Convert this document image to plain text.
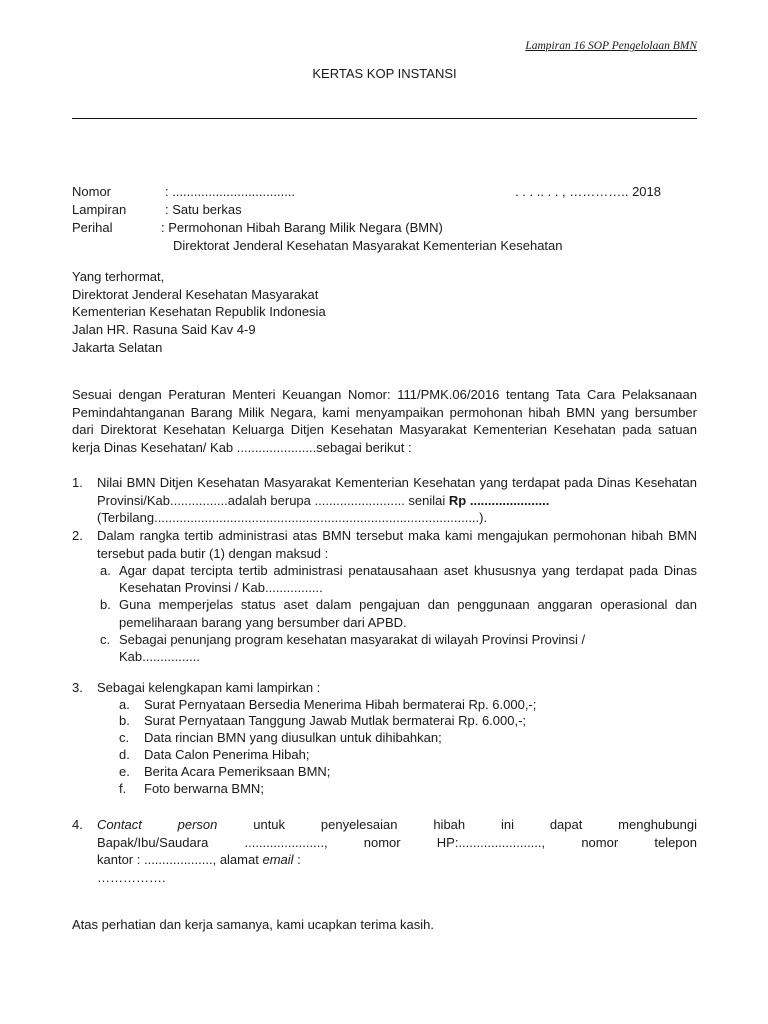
Lampiran 16 SOP Pengelolaan BMN
KERTAS KOP INSTANSI
Nomor	: ..................................	. . . .. . . , ………….. 2018
Lampiran	: Satu berkas
Perihal	: Permohonan Hibah Barang Milik Negara (BMN)
Direktorat Jenderal Kesehatan Masyarakat Kementerian Kesehatan
Yang terhormat,
Direktorat Jenderal Kesehatan Masyarakat
Kementerian Kesehatan Republik Indonesia
Jalan HR. Rasuna Said Kav 4-9
Jakarta Selatan
Sesuai dengan Peraturan Menteri Keuangan Nomor: 111/PMK.06/2016 tentang Tata Cara Pelaksanaan Pemindahtanganan Barang Milik Negara, kami menyampaikan permohonan hibah BMN yang bersumber dari Direktorat Kesehatan Keluarga Ditjen Kesehatan Masyarakat Kementerian Kesehatan pada satuan kerja Dinas Kesehatan/ Kab ......................sebagai berikut :
1. Nilai BMN Ditjen Kesehatan Masyarakat Kementerian Kesehatan yang terdapat pada Dinas Kesehatan Provinsi/Kab................adalah berupa ......................... senilai Rp ......................
(Terbilang..........................................................................................).
2. Dalam rangka tertib administrasi atas BMN tersebut maka kami mengajukan permohonan hibah BMN tersebut pada butir (1) dengan maksud :
a. Agar dapat tercipta tertib administrasi penatausahaan aset khususnya yang terdapat pada Dinas Kesehatan Provinsi / Kab................
b. Guna memperjelas status aset dalam pengajuan dan penggunaan anggaran operasional dan pemeliharaan barang yang bersumber dari APBD.
c. Sebagai penunjang program kesehatan masyarakat di wilayah Provinsi Provinsi / Kab................
3. Sebagai kelengkapan kami lampirkan :
a. Surat Pernyataan Bersedia Menerima Hibah bermaterai Rp. 6.000,-;
b. Surat Pernyataan Tanggung Jawab Mutlak bermaterai Rp. 6.000,-;
c. Data rincian BMN yang diusulkan untuk dihibahkan;
d. Data Calon Penerima Hibah;
e. Berita Acara Pemeriksaan BMN;
f. Foto berwarna BMN;
4. Contact person	untuk penyelesaian hibah ini dapat menghubungi
Bapak/Ibu/Saudara ......................, nomor HP:......................., nomor telepon
kantor : ..................., alamat email :
…………….
Atas perhatian dan kerja samanya, kami ucapkan terima kasih.
